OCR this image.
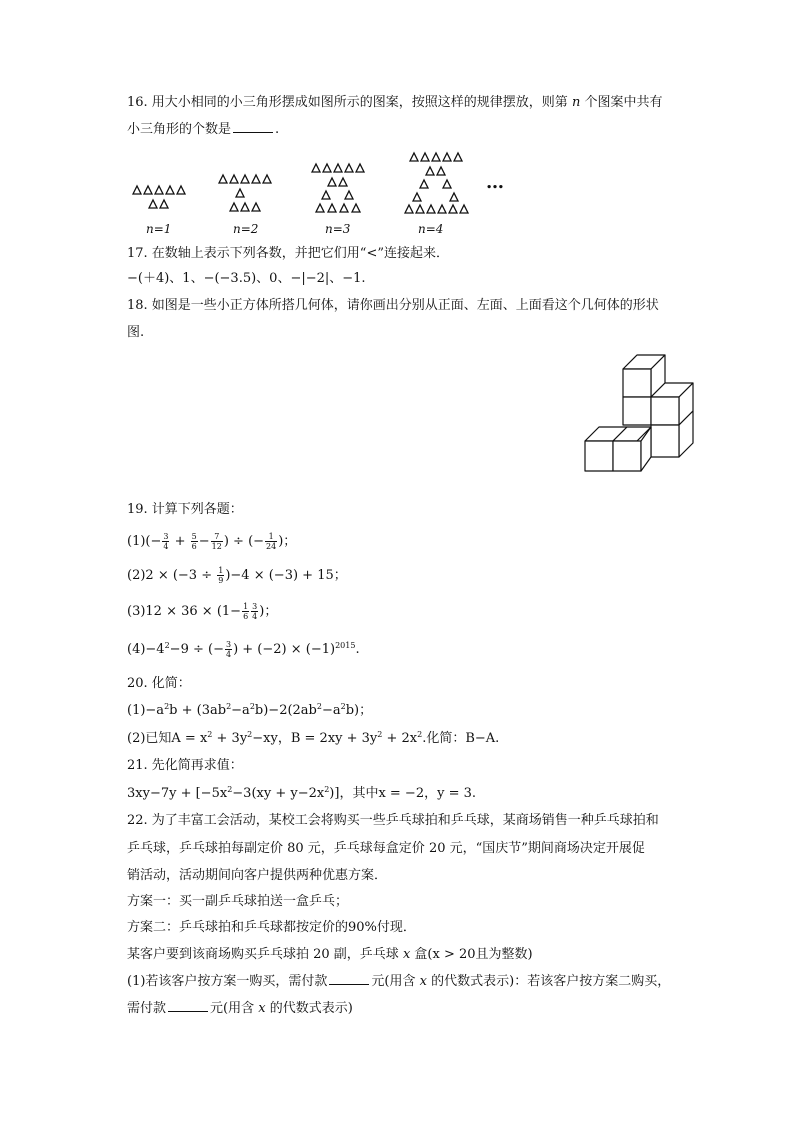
16. 用大小相同的小三角形摆成如图所示的图案，按照这样的规律摆放，则第 n 个图案中共有
小三角形的个数是	.
n=1	n=2	n=3	n=4
…
17. 在数轴上表示下列各数，并把它们用“<”连接起来．
−(＋4)、1、−(−3.5)、0、−|−2|、−1.
18. 如图是一些小正方体所搭几何体，请你画出分别从正面、左面、上面看这个几何体的形状
图.
19. 计算下列各题：
$(1)(- \frac{3}{4} + \frac{5}{6} - \frac{7}{12}$ ) ÷ (− $\frac{1}{24}$ )；
$(2)2 \times (-3 \div \frac{1}{9} )-4 \times (-3) + 15$；
$(3)12 \times 36 \times (1- \frac{1}{6} \frac{3}{4}$ )；
$(4)-4^2-9$ ÷ (− $\frac{3}{4}$ ) + $(-2) \times (-1)^{2015}$.
20. 化简：
$(1)-a^2b + (3ab^2-a^2b)-2(2ab^2-a^2b)$；
(2)已知$A = x^2 + 3y^2-xy$，$B = 2xy + 3y^2 + 2x^2$.化简：B−A.
21. 先化简再求值：
$3xy-7y + [-5x^2-3(xy + y-2x^2)]$，其中x = −2，y = 3.
22. 为了丰富工会活动，某校工会将购买一些乒乓球拍和乒乓球，某商场销售一种乒乓球拍和
乒乓球，乒乓球拍每副定价 80 元，乒乓球每盒定价 20 元，“国庆节”期间商场决定开展促
销活动，活动期间向客户提供两种优惠方案．
方案一：买一副乒乓球拍送一盒乒乓；
方案二：乒乓球拍和乒乓球都按定价的90%付现．
某客户要到该商场购买乒乓球拍 20 副，乒乓球 x 盒(x > 20且为整数)
(1)若该客户按方案一购买，需付款	元(用含 x 的代数式表示)：若该客户按方案二购买，
需付款	元(用含 x 的代数式表示)
